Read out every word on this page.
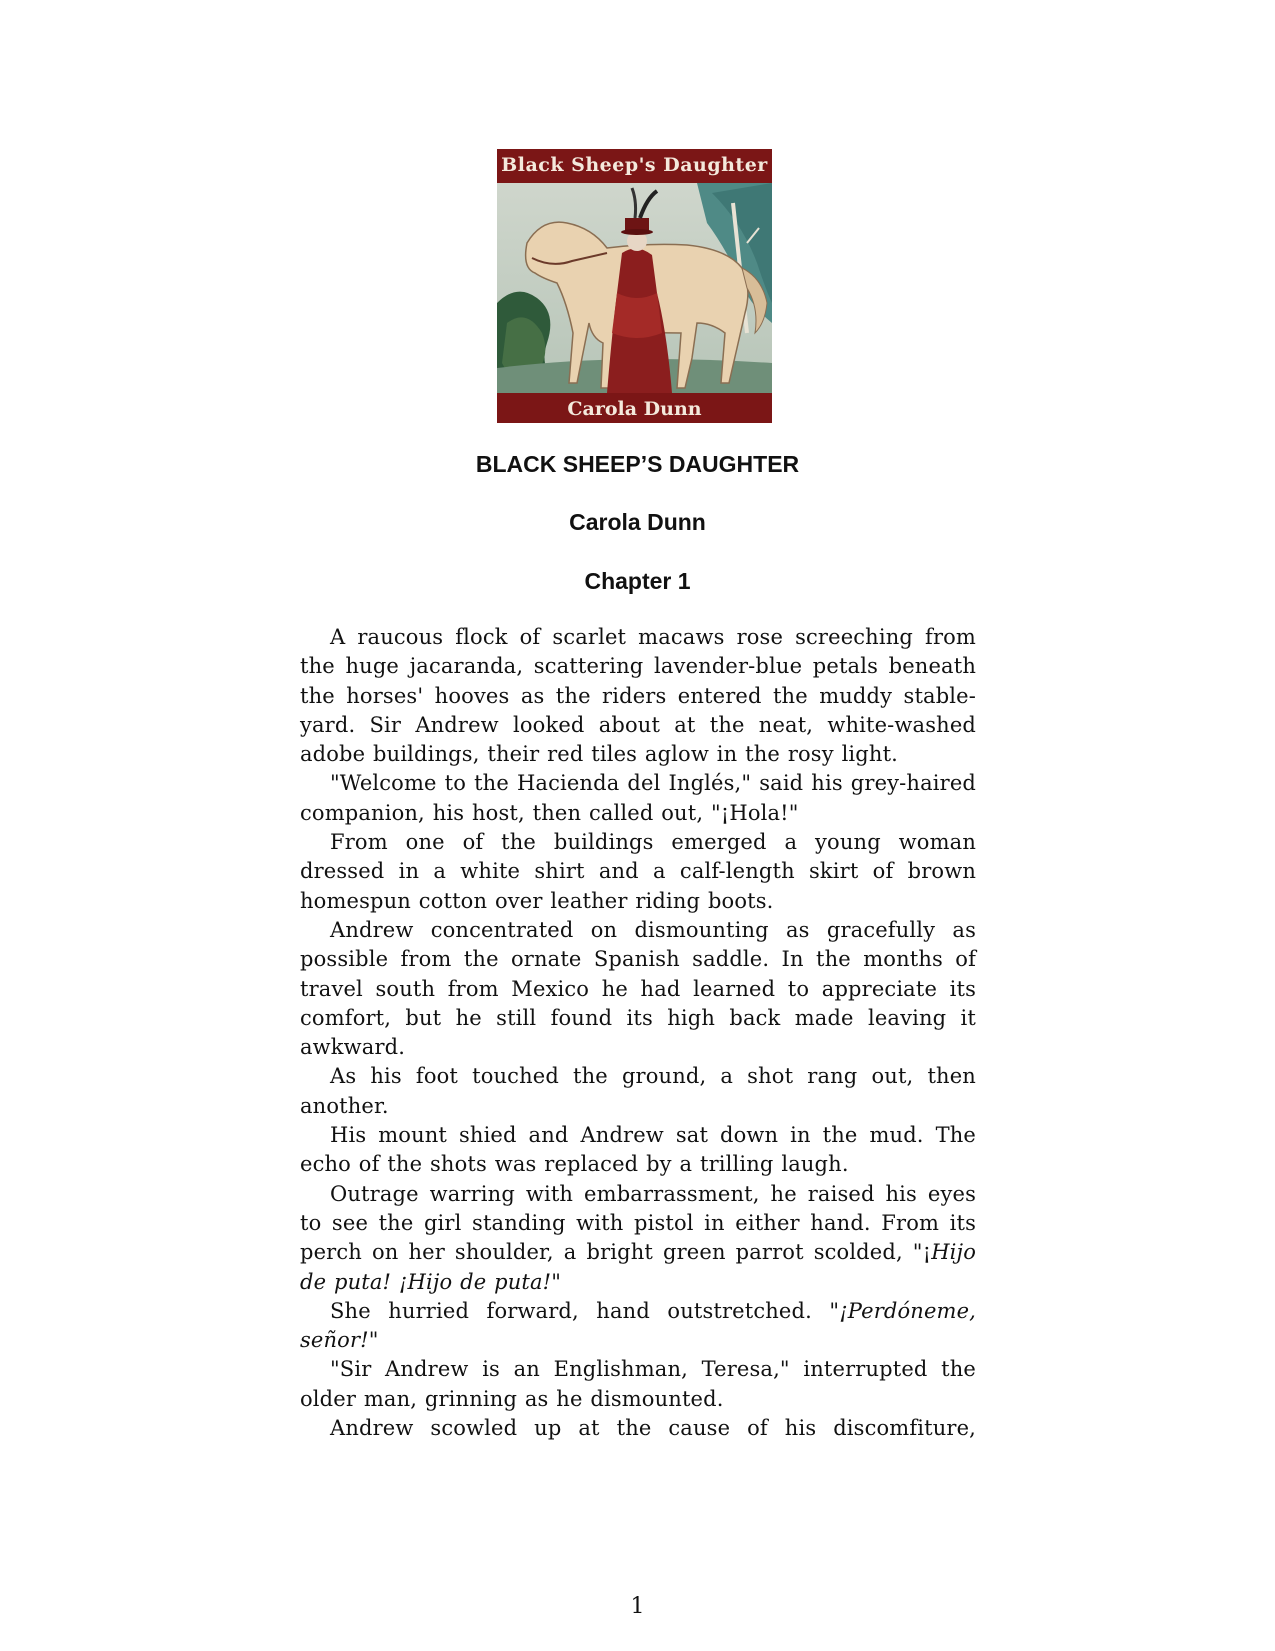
Black Sheep's Daughter
Carola Dunn
BLACK SHEEP’S DAUGHTER
Carola Dunn
Chapter 1

A raucous flock of scarlet macaws rose screeching from the huge jacaranda, scattering lavender-blue petals beneath the horses' hooves as the riders entered the muddy stable-yard. Sir Andrew looked about at the neat, white-washed adobe buildings, their red tiles aglow in the rosy light.

"Welcome to the Hacienda del Inglés," said his grey-haired companion, his host, then called out, "¡Hola!"

From one of the buildings emerged a young woman dressed in a white shirt and a calf-length skirt of brown homespun cotton over leather riding boots.

Andrew concentrated on dismounting as gracefully as possible from the ornate Spanish saddle. In the months of travel south from Mexico he had learned to appreciate its comfort, but he still found its high back made leaving it awkward.

As his foot touched the ground, a shot rang out, then another.

His mount shied and Andrew sat down in the mud. The echo of the shots was replaced by a trilling laugh.

Outrage warring with embarrassment, he raised his eyes to see the girl standing with pistol in either hand. From its perch on her shoulder, a bright green parrot scolded, "¡Hijo de puta! ¡Hijo de puta!"

She hurried forward, hand outstretched. "¡Perdóneme, señor!"

"Sir Andrew is an Englishman, Teresa," interrupted the older man, grinning as he dismounted.

Andrew scowled up at the cause of his discomfiture,

1
